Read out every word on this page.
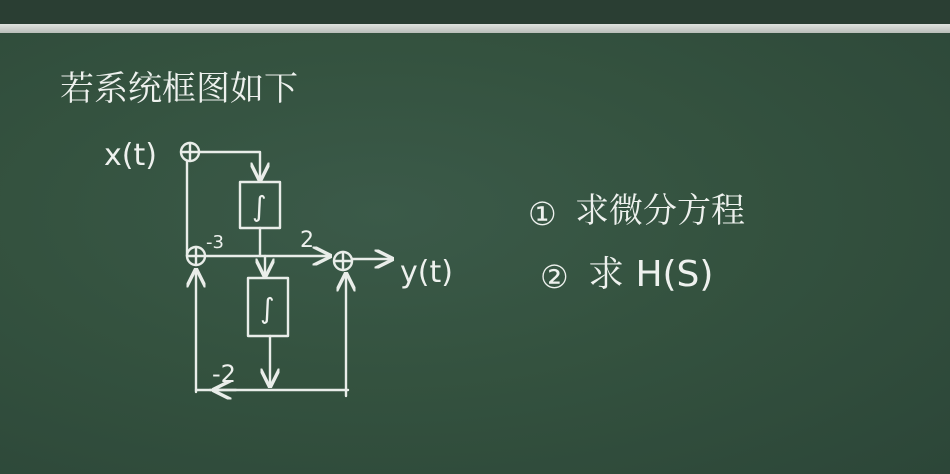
若系统框图如下
x(t)
∫
-3	2
y(t)
∫
-2
① 求微分方程
② 求 H(S)
